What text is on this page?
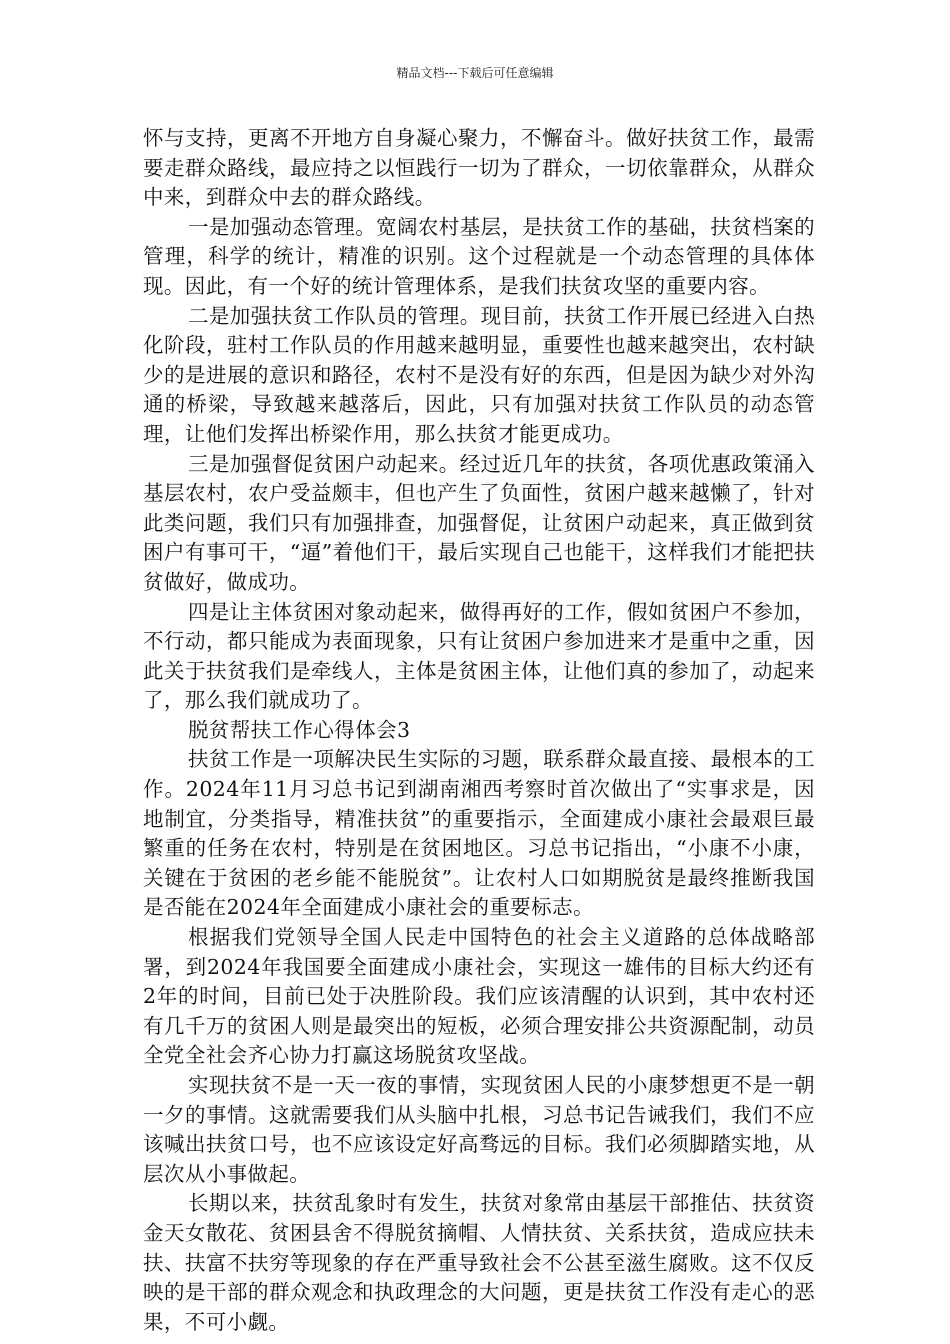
精品文档---下载后可任意编辑

怀与支持，更离不开地方自身凝心聚力，不懈奋斗。做好扶贫工作，最需要走群众路线，最应持之以恒践行一切为了群众，一切依靠群众，从群众中来，到群众中去的群众路线。

一是加强动态管理。宽阔农村基层，是扶贫工作的基础，扶贫档案的管理，科学的统计，精准的识别。这个过程就是一个动态管理的具体体现。因此，有一个好的统计管理体系，是我们扶贫攻坚的重要内容。

二是加强扶贫工作队员的管理。现目前，扶贫工作开展已经进入白热化阶段，驻村工作队员的作用越来越明显，重要性也越来越突出，农村缺少的是进展的意识和路径，农村不是没有好的东西，但是因为缺少对外沟通的桥梁，导致越来越落后，因此，只有加强对扶贫工作队员的动态管理，让他们发挥出桥梁作用，那么扶贫才能更成功。

三是加强督促贫困户动起来。经过近几年的扶贫，各项优惠政策涌入基层农村，农户受益颇丰，但也产生了负面性，贫困户越来越懒了，针对此类问题，我们只有加强排查，加强督促，让贫困户动起来，真正做到贫困户有事可干，“逼”着他们干，最后实现自己也能干，这样我们才能把扶贫做好，做成功。

四是让主体贫困对象动起来，做得再好的工作，假如贫困户不参加，不行动，都只能成为表面现象，只有让贫困户参加进来才是重中之重，因此关于扶贫我们是牵线人，主体是贫困主体，让他们真的参加了，动起来了，那么我们就成功了。

脱贫帮扶工作心得体会3

扶贫工作是一项解决民生实际的习题，联系群众最直接、最根本的工作。2024年11月习总书记到湖南湘西考察时首次做出了“实事求是，因地制宜，分类指导，精准扶贫”的重要指示，全面建成小康社会最艰巨最繁重的任务在农村，特别是在贫困地区。习总书记指出，“小康不小康，关键在于贫困的老乡能不能脱贫”。让农村人口如期脱贫是最终推断我国是否能在2024年全面建成小康社会的重要标志。

根据我们党领导全国人民走中国特色的社会主义道路的总体战略部署，到2024年我国要全面建成小康社会，实现这一雄伟的目标大约还有2年的时间，目前已处于决胜阶段。我们应该清醒的认识到，其中农村还有几千万的贫困人则是最突出的短板，必须合理安排公共资源配制，动员全党全社会齐心协力打赢这场脱贫攻坚战。

实现扶贫不是一天一夜的事情，实现贫困人民的小康梦想更不是一朝一夕的事情。这就需要我们从头脑中扎根，习总书记告诫我们，我们不应该喊出扶贫口号，也不应该设定好高骛远的目标。我们必须脚踏实地，从层次从小事做起。

长期以来，扶贫乱象时有发生，扶贫对象常由基层干部推估、扶贫资金天女散花、贫困县舍不得脱贫摘帽、人情扶贫、关系扶贫，造成应扶未扶、扶富不扶穷等现象的存在严重导致社会不公甚至滋生腐败。这不仅反映的是干部的群众观念和执政理念的大问题，更是扶贫工作没有走心的恶果，不可小觑。
